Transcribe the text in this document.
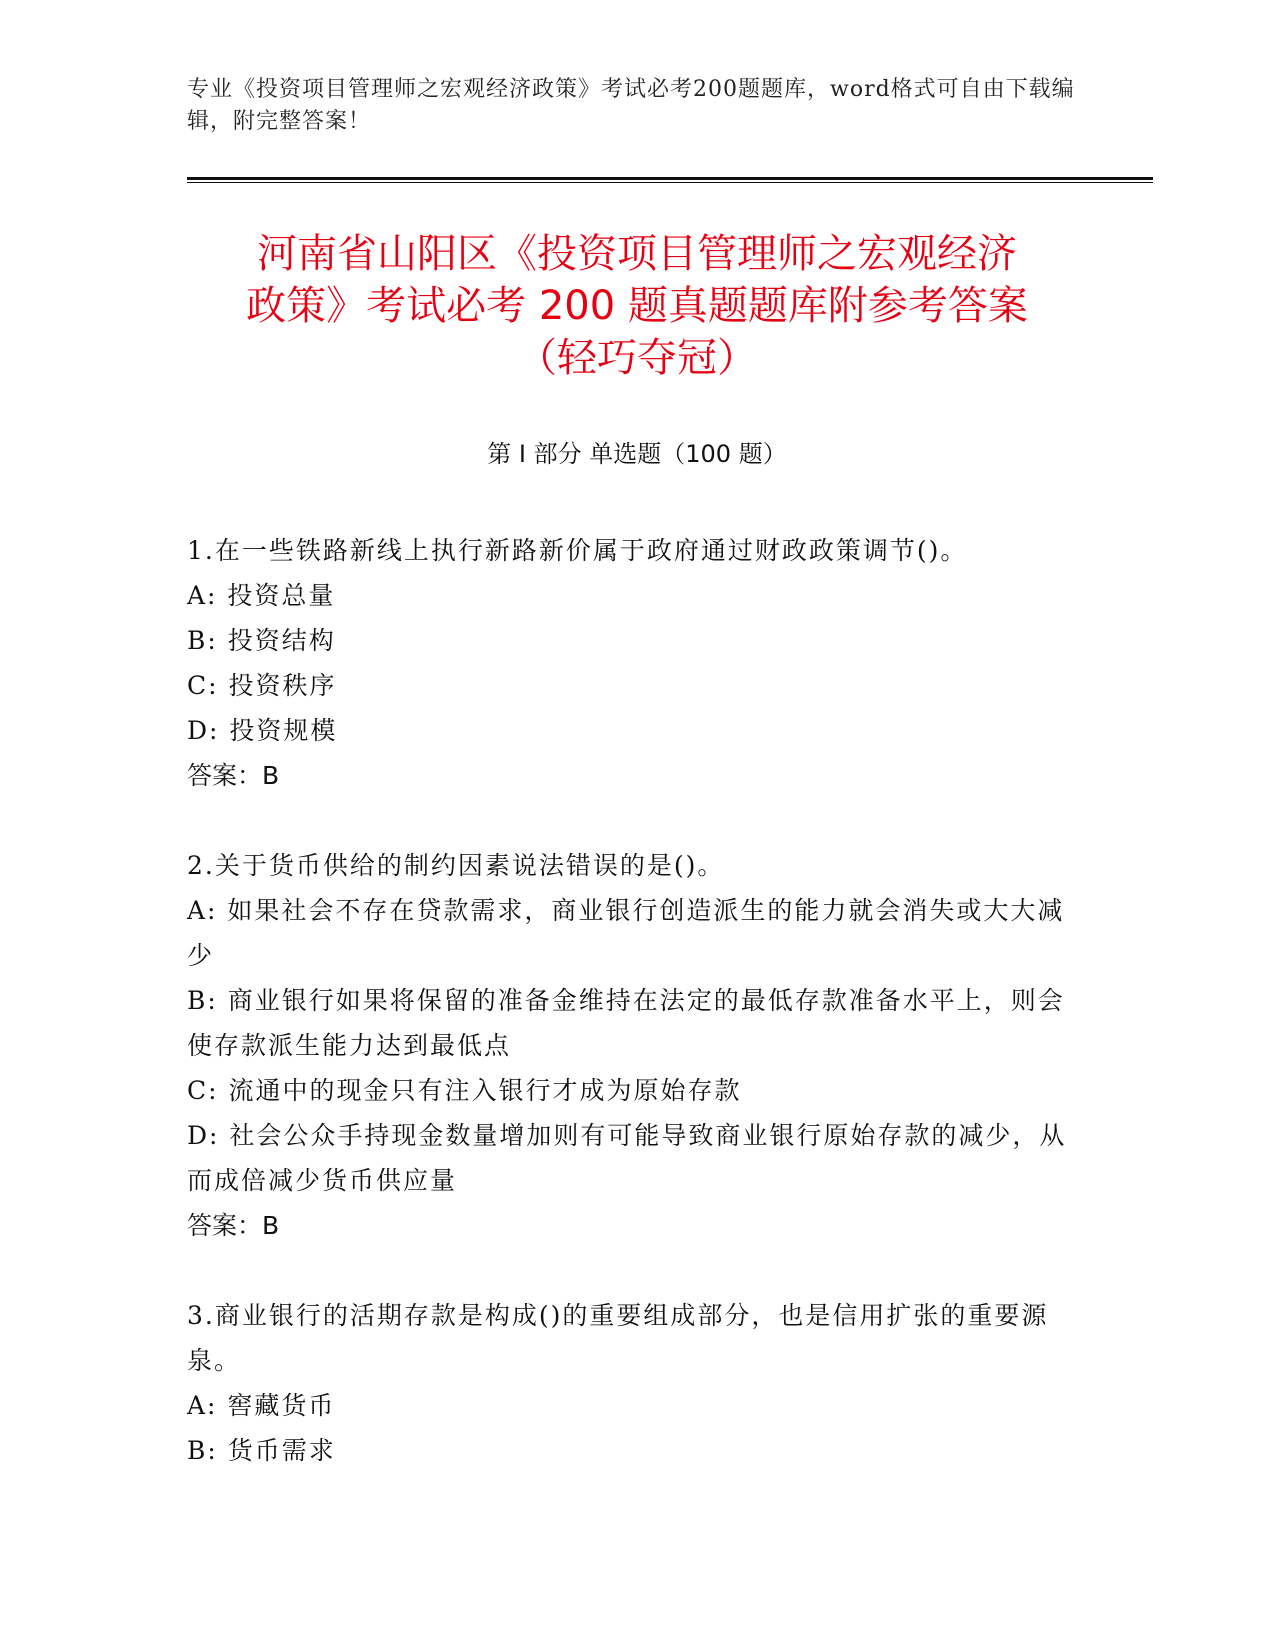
专业《投资项目管理师之宏观经济政策》考试必考200题题库，word格式可自由下载编辑，附完整答案！
河南省山阳区《投资项目管理师之宏观经济
政策》考试必考 200 题真题题库附参考答案
（轻巧夺冠）
第 I 部分 单选题（100 题）

1.在一些铁路新线上执行新路新价属于政府通过财政政策调节()。

A: 投资总量

B: 投资结构

C: 投资秩序

D: 投资规模

答案：B

2.关于货币供给的制约因素说法错误的是()。

A: 如果社会不存在贷款需求，商业银行创造派生的能力就会消失或大大减少

B: 商业银行如果将保留的准备金维持在法定的最低存款准备水平上，则会使存款派生能力达到最低点

C: 流通中的现金只有注入银行才成为原始存款

D: 社会公众手持现金数量增加则有可能导致商业银行原始存款的减少，从而成倍减少货币供应量

答案：B

3.商业银行的活期存款是构成()的重要组成部分，也是信用扩张的重要源泉。

A: 窖藏货币

B: 货币需求
